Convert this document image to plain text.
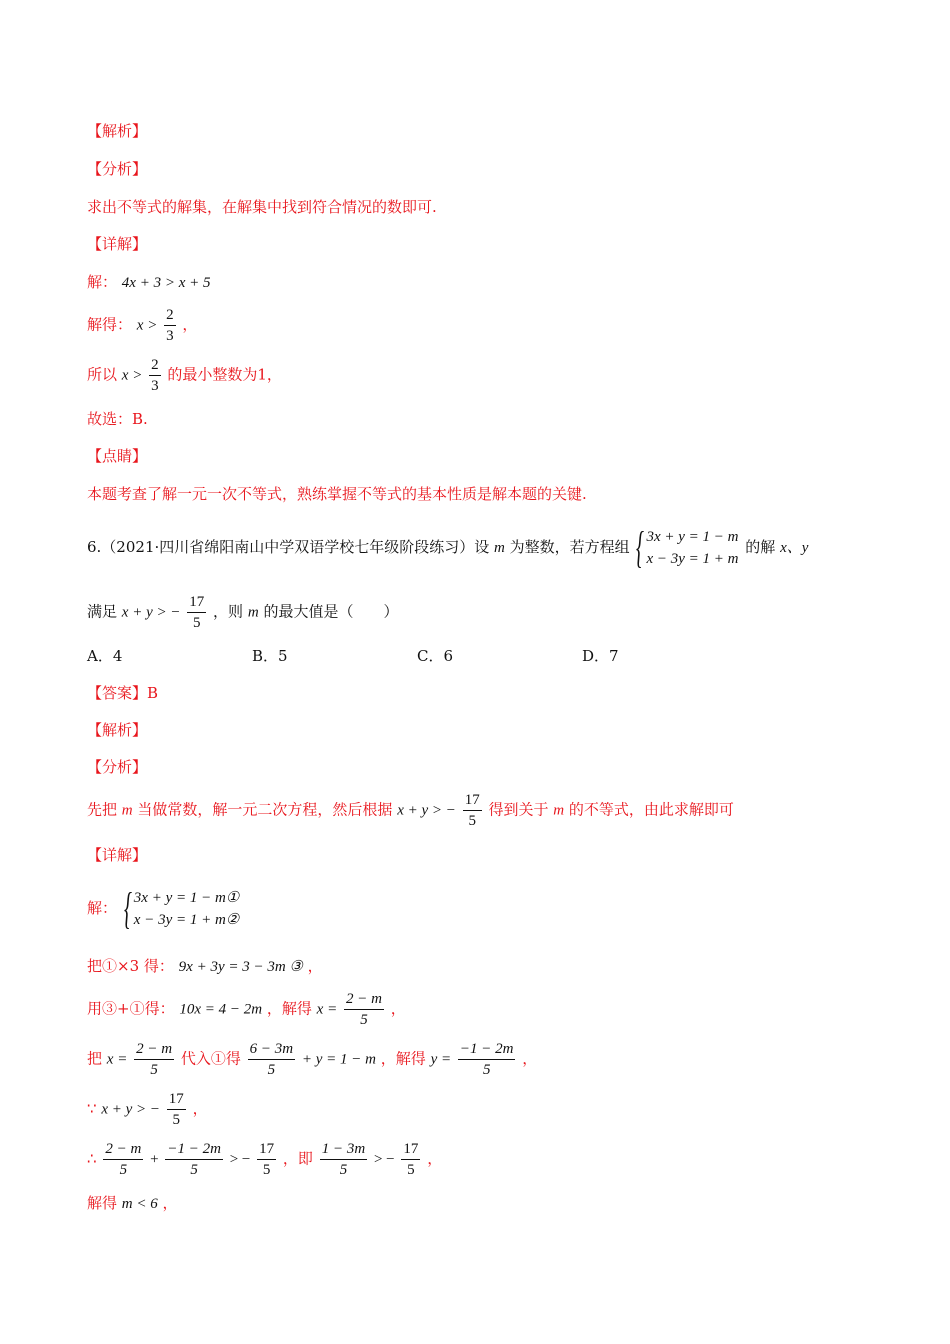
【解析】
【分析】
求出不等式的解集，在解集中找到符合情况的数即可.
【详解】
解： 4x + 3 > x + 5
解得： $x > \frac{2}{3}$ ，
所以 $x > \frac{2}{3}$ 的最小整数为1，
故选：B.
【点睛】
本题考查了解一元一次不等式，熟练掌握不等式的基本性质是解本题的关键.
6.（2021·四川省绵阳南山中学双语学校七年级阶段练习）设 m 为整数，若方程组 { 3x + y = 1 − m
x − 3y = 1 + m
的解 x、y
满足 x + y > − $\frac{17}{5}$ ，则 m 的最大值是（　　）
A．4	B．5	C．6	D．7
【答案】B
【解析】
【分析】
先把 m 当做常数，解一元二次方程，然后根据 x + y > − $\frac{17}{5}$ 得到关于 m 的不等式，由此求解即可
【详解】
解： { 3x + y = 1 − m①
x − 3y = 1 + m②
把①×3 得： 9x + 3y = 3 − 3m ③ ，
用③+①得： 10x = 4 − 2m ，解得 $x = \frac{2 - m}{5}$ ，
把 $x = \frac{2 - m}{5}$ 代入①得 $\frac{6 - 3m}{5} + y = 1 - m$ ，解得 $y = \frac{-1 - 2m}{5}$ ，
∵ x + y > − $\frac{17}{5}$ ，
∴ $\frac{2 - m}{5} + \frac{-1 - 2m}{5}$ > − $\frac{17}{5}$ ，即 $\frac{1 - 3m}{5}$ > − $\frac{17}{5}$ ，
解得 m < 6 ，
